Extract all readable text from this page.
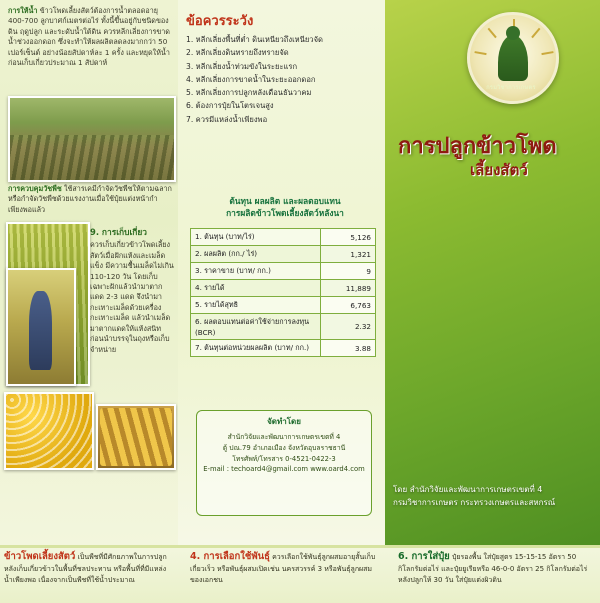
การให้น้ำ ข้าวโพดเลี้ยงสัตว์ต้องการน้ำตลอดอายุ 400-700 ลูกบาศก์เมตรต่อไร่ ทั้งนี้ขึ้นอยู่กับชนิดของดิน ฤดูปลูก และระดับน้ำใต้ดิน ควรหลีกเลี่ยงการขาดน้ำช่วงออกดอก ซึ่งจะทำให้ผลผลิตลดลงมากกว่า 50 เปอร์เซ็นต์ อย่างน้อยสัปดาห์ละ 1 ครั้ง และหยุดให้น้ำก่อนเก็บเกี่ยวประมาณ 1 สัปดาห์
การควบคุมวัชพืช ใช้สารเคมีกำจัดวัชพืชให้ตามฉลาก หรือกำจัดวัชพืชด้วยแรงงานเมื่อใช้ปุ๋ยแต่งหน้ากำเพียงพอแล้ว
9. การเก็บเกี่ยว
ควรเก็บเกี่ยวข้าวโพดเลี้ยงสัตว์เมื่อฝักแห้งและเมล็ดแข็ง มีความชื้นเมล็ดไม่เกิน 110-120 วัน โดยเก็บเฉพาะฝักแล้วนำมาตากแดด 2-3 แดด จึงนำมากะเทาะเมล็ดด้วยเครื่องกะเทาะเมล็ด แล้วนำเมล็ดมาตากแดดให้แห้งสนิทก่อนนำบรรจุในถุงหรือเก็บจำหน่าย
ข้อควรระวัง
1. หลีกเลี่ยงพื้นที่ต่ำ ดินเหนียวถึงเหนียวจัด
2. หลีกเลี่ยงดินทรายถึงทรายจัด
3. หลีกเลี่ยงน้ำท่วมขังในระยะแรก
4. หลีกเลี่ยงการขาดน้ำในระยะออกดอก
5. หลีกเลี่ยงการปลูกหลังเดือนธันวาคม
6. ต้องการปุ๋ยในโตรเจนสูง
7. ควรมีแหล่งน้ำเพียงพอ
ต้นทุน ผลผลิต และผลตอบแทน
การผลิตข้าวโพดเลี้ยงสัตว์หลังนา
1. ต้นทุน (บาท/ไร่)	5,126
2. ผลผลิต (กก./ ไร่)	1,321
3. ราคาขาย (บาท/ กก.)	9
4. รายได้	11,889
5. รายได้สุทธิ	6,763
6. ผลตอบแทนต่อค่าใช้จ่ายการลงทุน (BCR)	2.32
7. ต้นทุนต่อหน่วยผลผลิต (บาท/ กก.)	3.88
จัดทำโดย
สำนักวิจัยและพัฒนาการเกษตรเขตที่ 4
ตู้ ปณ.79 อำเภอเมือง จังหวัดอุบลราชธานี
โทรศัพท์/โทรสาร 0-4521-0422-3
E-mail : techoard4@gmail.com www.oard4.com
กรมวิชาการเกษตร
การปลูกข้าวโพด
เลี้ยงสัตว์
โดย สำนักวิจัยและพัฒนาการเกษตรเขตที่ 4
กรมวิชาการเกษตร กระทรวงเกษตรและสหกรณ์
ข้าวโพดเลี้ยงสัตว์ เป็นพืชที่มีศักยภาพในการปลูกหลังเก็บเกี่ยวข้าวในพื้นที่ชลประทาน หรือพื้นที่ที่มีแหล่งน้ำเพียงพอ เนื่องจากเป็นพืชที่ใช้น้ำประมาณ
4. การเลือกใช้พันธุ์ ควรเลือกใช้พันธุ์ลูกผสมอายุสั้นเก็บเกี่ยวเร็ว หรือพันธุ์ผสมเปิดเช่น นครสวรรค์ 3 หรือพันธุ์ลูกผสมของเอกชน
6. การใส่ปุ๋ย ปุ๋ยรองพื้น ใส่ปุ๋ยสูตร 15-15-15 อัตรา 50 กิโลกรัมต่อไร่ และปุ๋ยยูเรียหรือ 46-0-0 อัตรา 25 กิโลกรัมต่อไร่ หลังปลูกให้ 30 วัน ใส่ปุ๋ยแต่งผิวดิน
